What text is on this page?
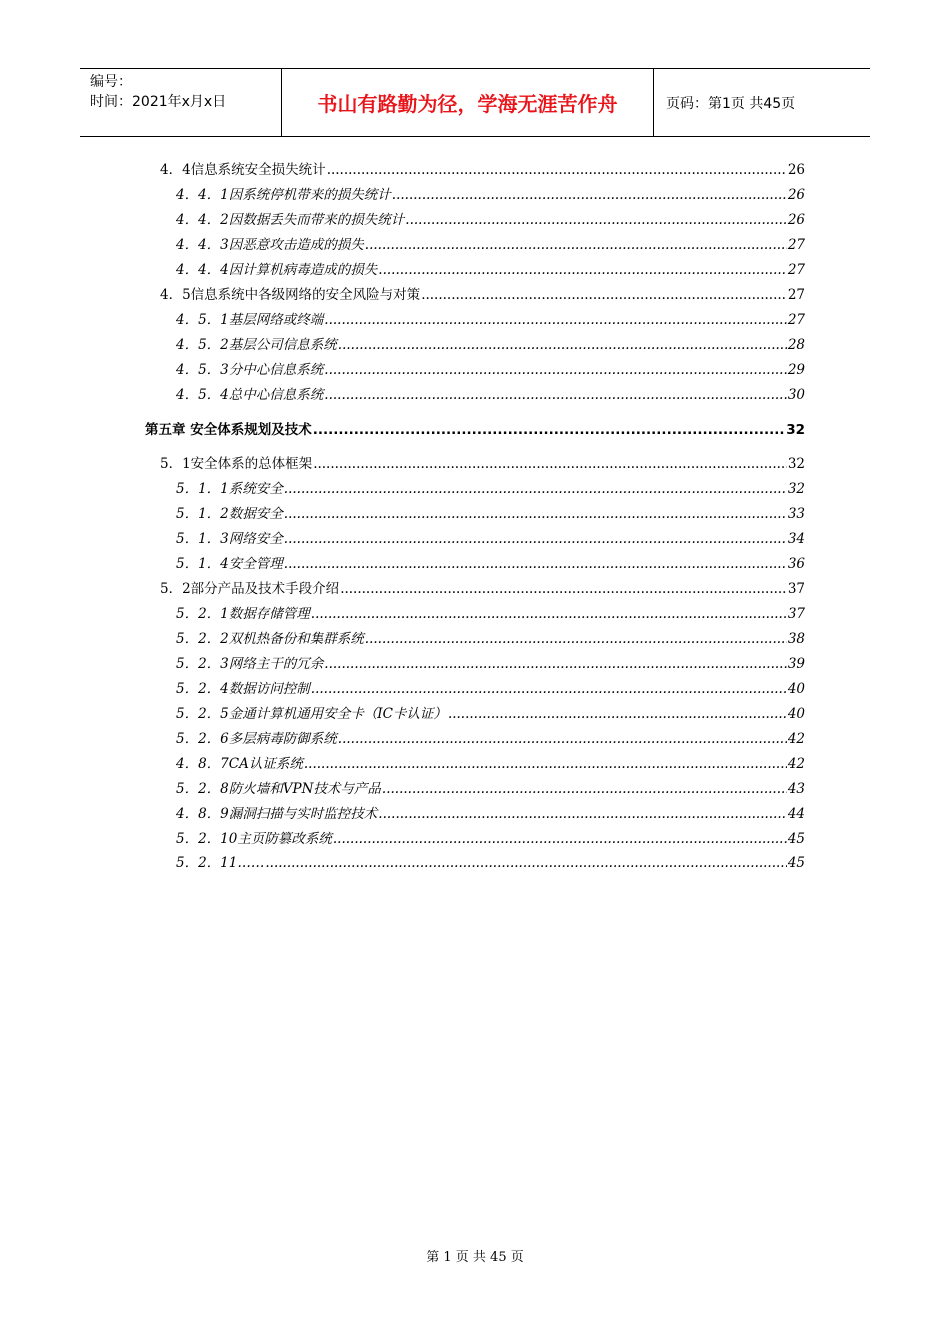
编号：
时间：2021年x月x日	书山有路勤为径，学海无涯苦作舟	页码：第1页 共45页
4．4信息系统安全损失统计 .....	26
4．4．1因系统停机带来的损失统计 .....	26
4．4．2因数据丢失而带来的损失统计 .....	26
4．4．3因恶意攻击造成的损失 .....	27
4．4．4因计算机病毒造成的损失 .....	27
4．5信息系统中各级网络的安全风险与对策 .....	27
4．5．1基层网络或终端 .....	27
4．5．2基层公司信息系统 .....	28
4．5．3分中心信息系统 .....	29
4．5．4总中心信息系统 .....	30
第五章 安全体系规划及技术 .....	32
5．1安全体系的总体框架 .....	32
5．1．1系统安全 .....	32
5．1．2数据安全 .....	33
5．1．3网络安全 .....	34
5．1．4安全管理 .....	36
5．2部分产品及技术手段介绍 .....	37
5．2．1数据存储管理 .....	37
5．2．2双机热备份和集群系统 .....	38
5．2．3网络主干的冗余 .....	39
5．2．4数据访问控制 .....	40
5．2．5金通计算机通用安全卡（IC卡认证） .....	40
5．2．6多层病毒防御系统 .....	42
4．8．7CA认证系统 .....	42
5．2．8防火墙和VPN技术与产品 .....	43
4．8．9漏洞扫描与实时监控技术 .....	44
5．2．10主页防篡改系统 .....	45
5．2．11…… .....	45
第 1 页 共 45 页
